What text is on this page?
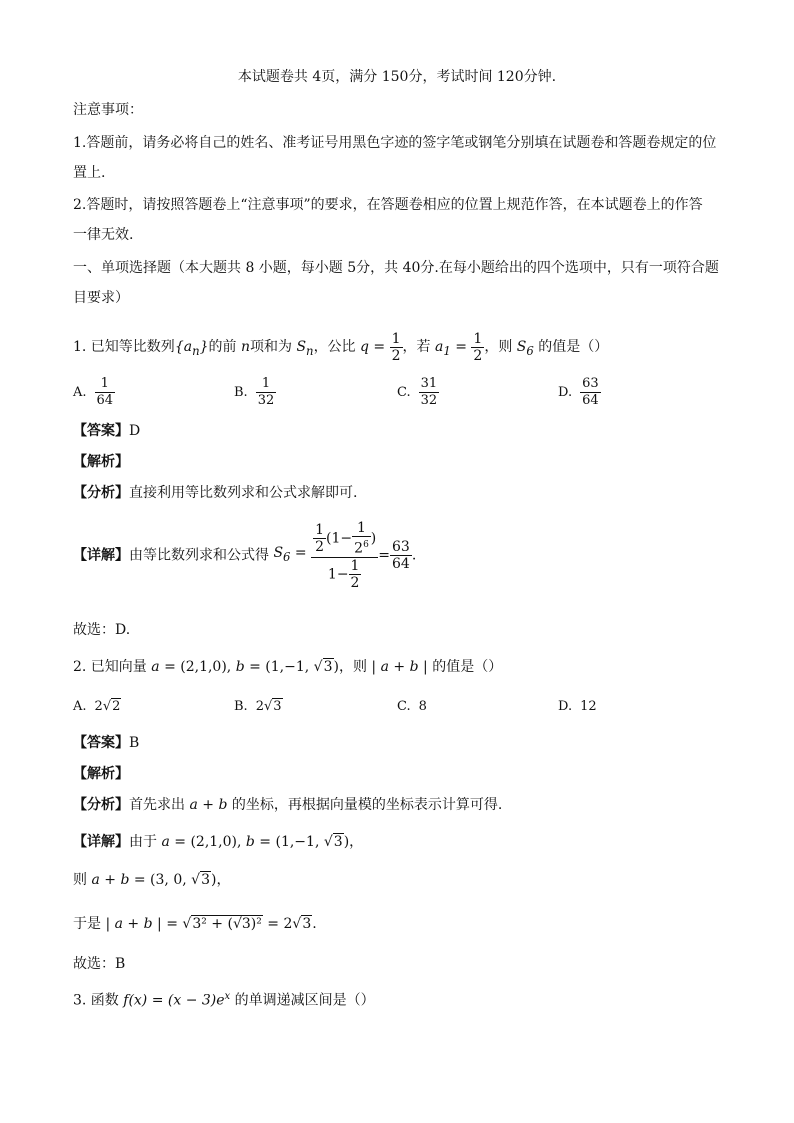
本试题卷共 4页，满分 150分，考试时间 120分钟.
注意事项：
1.答题前，请务必将自己的姓名、准考证号用黑色字迹的签字笔或钢笔分别填在试题卷和答题卷规定的位
置上.
2.答题时，请按照答题卷上“注意事项”的要求，在答题卷相应的位置上规范作答，在本试题卷上的作答
一律无效.
一、单项选择题（本大题共 8 小题，每小题 5分，共 40分.在每小题给出的四个选项中，只有一项符合题
目要求）
1. 已知等比数列$\{a_n\}$的前 n项和为 $S_n$，公比 $q = \frac{1}{2}$ ，若 $a_1 = \frac{1}{2}$ ，则 $S_6$ 的值是（）
A. $\frac{1}{64}$	B. $\frac{1}{32}$	C. $\frac{31}{32}$	D. $\frac{63}{64}$
【答案】D
【解析】
【分析】直接利用等比数列求和公式求解即可.
【详解】由等比数列求和公式得 $S_6 = \frac{\frac{1}{2} (1- \frac{1}{2^6} )}{1- \frac{1}{2}} = \frac{63}{64}$ .
故选：D.
2. 已知向量 a = (2,1,0), b = (1,−1, √3)，则 | a + b | 的值是（）
A. 2√2	B. 2√3	C. 8	D. 12
【答案】B
【解析】
【分析】首先求出 a + b 的坐标，再根据向量模的坐标表示计算可得.
【详解】由于 a = (2,1,0), b = (1,−1, √3)，
则 a + b = (3, 0, √3)，
于是 | a + b | = √3² + (√3)² = 2√3.
故选：B
3. 函数 $f(x) = (x - 3)e^x$ 的单调递减区间是（）
